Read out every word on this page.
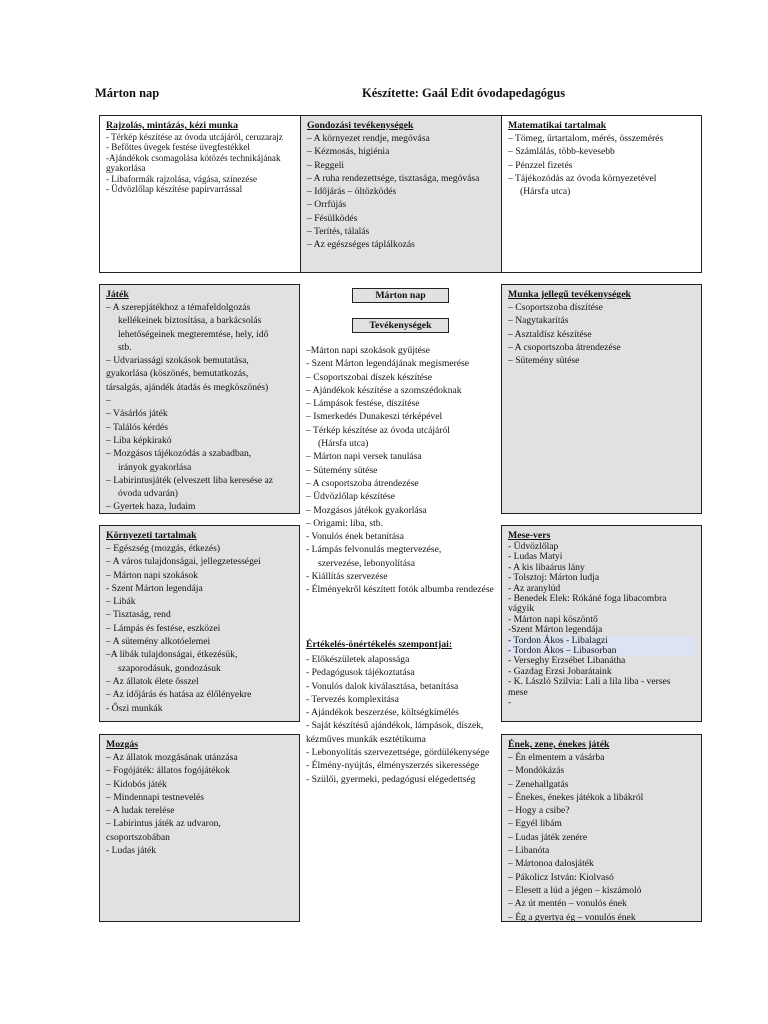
Márton nap	Készítette: Gaál Edit óvodapedagógus
Rajzolás, mintázás, kézi munka
- Térkép készítése az óvoda utcájáról, ceruzarajz
- Befőttes üvegek festése üvegfestékkel
-Ajándékok csomagolása kötözés technikájának gyakorlása
- Libaformák rajzolása, vágása, színezése
- Üdvözlőlap készítése papírvarrással
Gondozási tevékenységek
– A környezet rendje, megóvása
– Kézmosás, higiénia
– Reggeli
– A ruha rendezettsége, tisztasága, megóvása
– Időjárás – öltözködés
– Orrfújás
– Fésülködés
– Terítés, tálalás
– Az egészséges táplálkozás
Matematikai tartalmak
– Tömeg, űrtartalom, mérés, összemérés
– Számlálás, több-kevesebb
– Pénzzel fizetés
– Tájékozódás az óvoda környezetével
(Hársfa utca)
Játék
– A szerepjátékhoz a témafeldolgozás
kellékeinek biztosítása, a barkácsolás
lehetőségeinek megteremtése, hely, idő
stb.
– Udvariassági szokások bemutatása,
gyakorlása (köszönés, bemutatkozás,
társalgás, ajándék átadás és megköszönés)
–
– Vásárlós játék
– Találós kérdés
– Liba képkirakó
– Mozgásos tájékozódás a szabadban,
irányok gyakorlása
– Labirintusjáték (elveszett liba keresése az
óvoda udvarán)
– Gyertek haza, ludaim
Márton nap
Tevékenységek
–Márton napi szokások gyűjtése
- Szent Márton legendájának megismerése
– Csoportszobai díszek készítése
– Ajándékok készítése a szomszédoknak
– Lámpások festése, díszítése
– Ismerkedés Dunakeszi térképével
– Térkép készítése az óvoda utcájáról
(Hársfa utca)
– Márton napi versek tanulása
– Sütemény sütése
– A csoportszoba átrendezése
– Üdvözlőlap készítése
– Mozgásos játékok gyakorlása
– Origami: liba, stb.
- Vonulós ének betanítása
- Lámpás felvonulás megtervezése,
szervezése, lebonyolítása
- Kiállítás szervezése
- Élményekről készített fotók albumba rendezése
Értékelés-önértékelés szempontjai:
- Előkészületek alapossága
- Pedagógusok tájékoztatása
- Vonulós dalok kiválasztása, betanítása
- Tervezés komplexitása
- Ajándékok beszerzése, költségkímélés
- Saját készítésű ajándékok, lámpások, díszek, kézműves munkák esztétikuma
- Lebonyolítás szervezettsége, gördülékenysége
- Élmény-nyújtás, élményszerzés sikeressége
- Szülői, gyermeki, pedagógusi elégedettség
Munka jellegű tevékenységek
– Csoportszoba díszítése
– Nagytakarítás
– Asztaldísz készítése
– A csoportszoba átrendezése
– Sütemény sütése
Környezeti tartalmak
– Egészség (mozgás, étkezés)
– A város tulajdonságai, jellegzetességei
– Márton napi szokások
- Szent Márton legendája
– Libák
– Tisztaság, rend
– Lámpás és festése, eszközei
– A sütemény alkotóelemei
–A libák tulajdonságai, étkezésük,
szaporodásuk, gondozásuk
– Az állatok élete ősszel
– Az időjárás és hatása az élőlényekre
- Őszi munkák
Mese-vers
- Üdvözlőlap
- Ludas Matyi
- A kis libaárus lány
- Tolsztoj: Márton ludja
- Az aranylúd
- Benedek Elek: Rókáné foga libacombra
vágyik
- Márton napi köszöntő
-Szent Márton legendája
- Tordon Ákos - Libalagzi
- Tordon Ákos – Libasorban
- Verseghy Erzsébet Libanátha
- Gazdag Erzsi Jobarátaink
- K. László Szilvia: Lali a lila liba - verses
mese
-
Mozgás
– Az állatok mozgásának utánzása
– Fogójáték: állatos fogójátékok
– Kidobós játék
– Mindennapi testnevelés
– A ludak terelése
– Labirintus játék az udvaron,
csoportszobában
- Ludas játék
Ének, zene, énekes játék
– Én elmentem a vásárba
– Mondókázás
– Zenehallgatás
– Énekes, énekes játékok a libákról
– Hogy a csibe?
– Egyél libám
– Ludas játék zenére
– Libanóta
– Mártonoa dalosjáték
– Pákolicz István: Kiolvasó
– Elesett a lúd a jégen – kiszámoló
– Az út mentén – vonulós ének
– Ég a gyertya ég – vonulós ének
